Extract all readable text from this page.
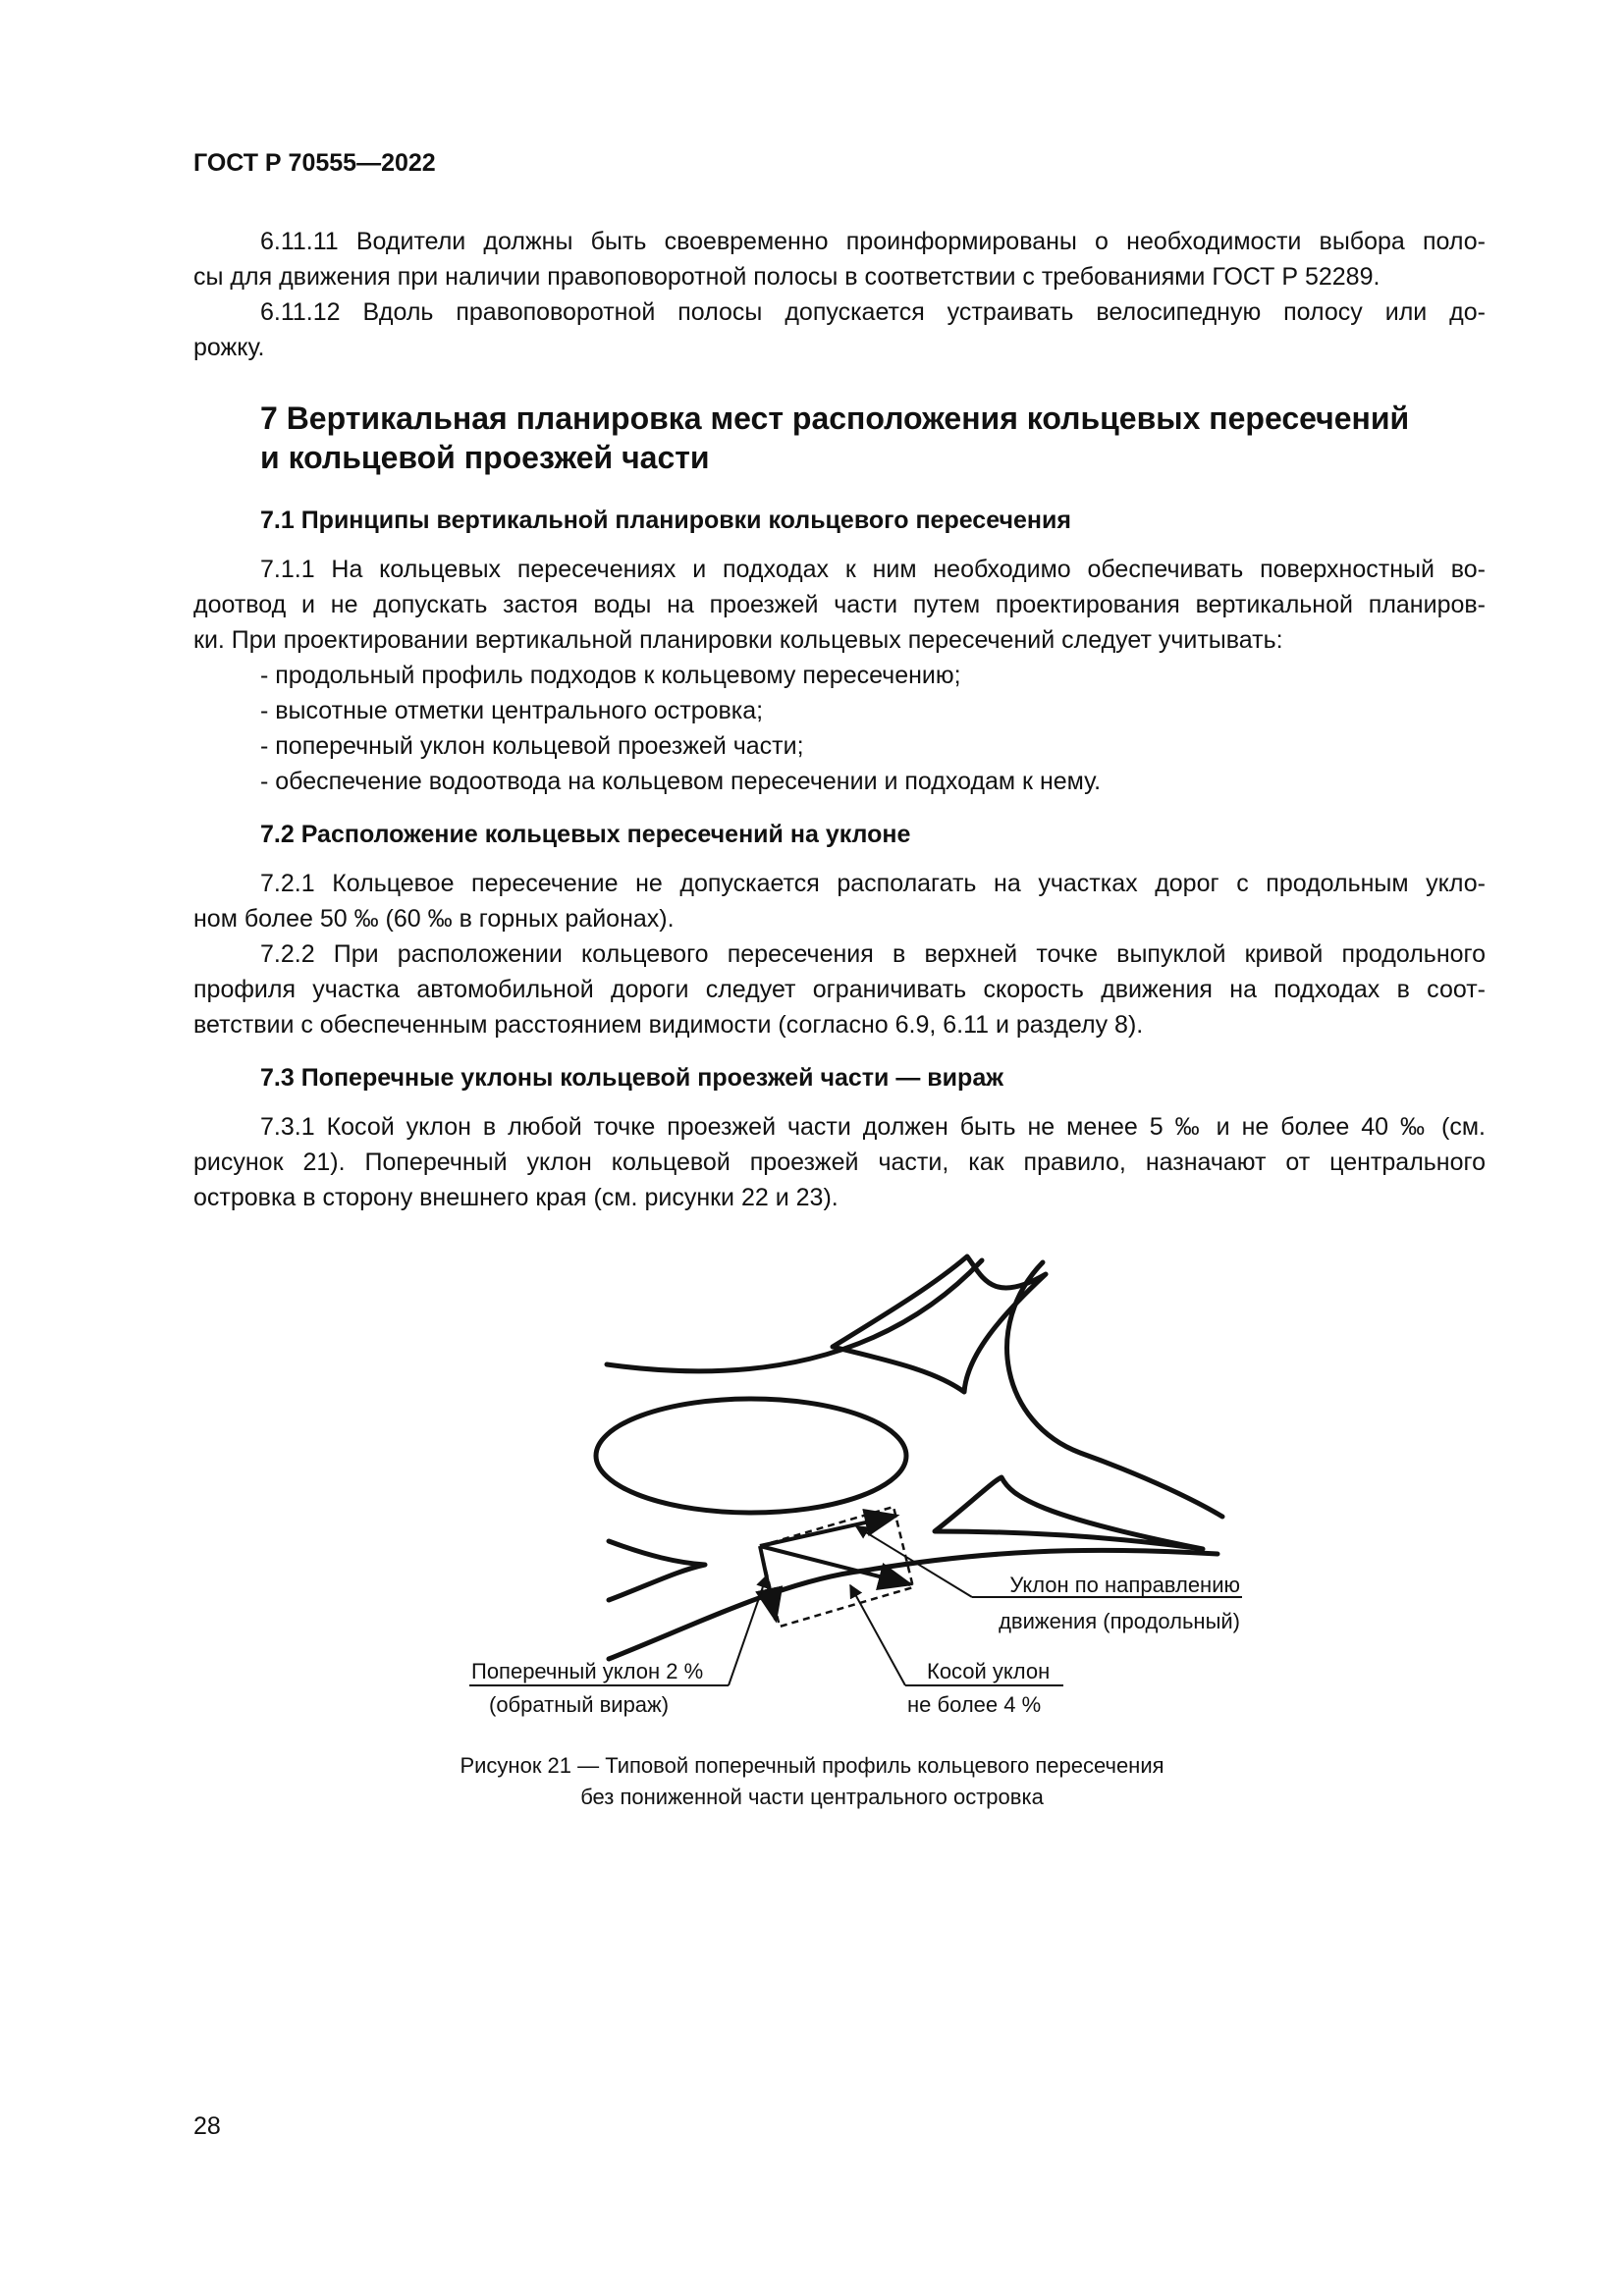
ГОСТ Р 70555—2022
6.11.11 Водители должны быть своевременно проинформированы о необходимости выбора поло-
сы для движения при наличии правоповоротной полосы в соответствии с требованиями ГОСТ Р 52289.
6.11.12 Вдоль правоповоротной полосы допускается устраивать велосипедную полосу или до-
рожку.
7 Вертикальная планировка мест расположения кольцевых пересечений
и кольцевой проезжей части
7.1 Принципы вертикальной планировки кольцевого пересечения
7.1.1 На кольцевых пересечениях и подходах к ним необходимо обеспечивать поверхностный во-
доотвод и не допускать застоя воды на проезжей части путем проектирования вертикальной планиров-
ки. При проектировании вертикальной планировки кольцевых пересечений следует учитывать:
- продольный профиль подходов к кольцевому пересечению;
- высотные отметки центрального островка;
- поперечный уклон кольцевой проезжей части;
- обеспечение водоотвода на кольцевом пересечении и подходам к нему.
7.2 Расположение кольцевых пересечений на уклоне
7.2.1 Кольцевое пересечение не допускается располагать на участках дорог с продольным укло-
ном более 50 ‰ (60 ‰ в горных районах).
7.2.2 При расположении кольцевого пересечения в верхней точке выпуклой кривой продольного
профиля участка автомобильной дороги следует ограничивать скорость движения на подходах в соот-
ветствии с обеспеченным расстоянием видимости (согласно 6.9, 6.11 и разделу 8).
7.3 Поперечные уклоны кольцевой проезжей части — вираж
7.3.1 Косой уклон в любой точке проезжей части должен быть не менее 5 ‰ и не более 40 ‰ (см.
рисунок 21). Поперечный уклон кольцевой проезжей части, как правило, назначают от центрального
островка в сторону внешнего края (см. рисунки 22 и 23).
Уклон по направлению
движения (продольный)
Поперечный уклон 2 %
(обратный вираж)
Косой уклон
не более 4 %
Рисунок 21 — Типовой поперечный профиль кольцевого пересечения
без пониженной части центрального островка
28
